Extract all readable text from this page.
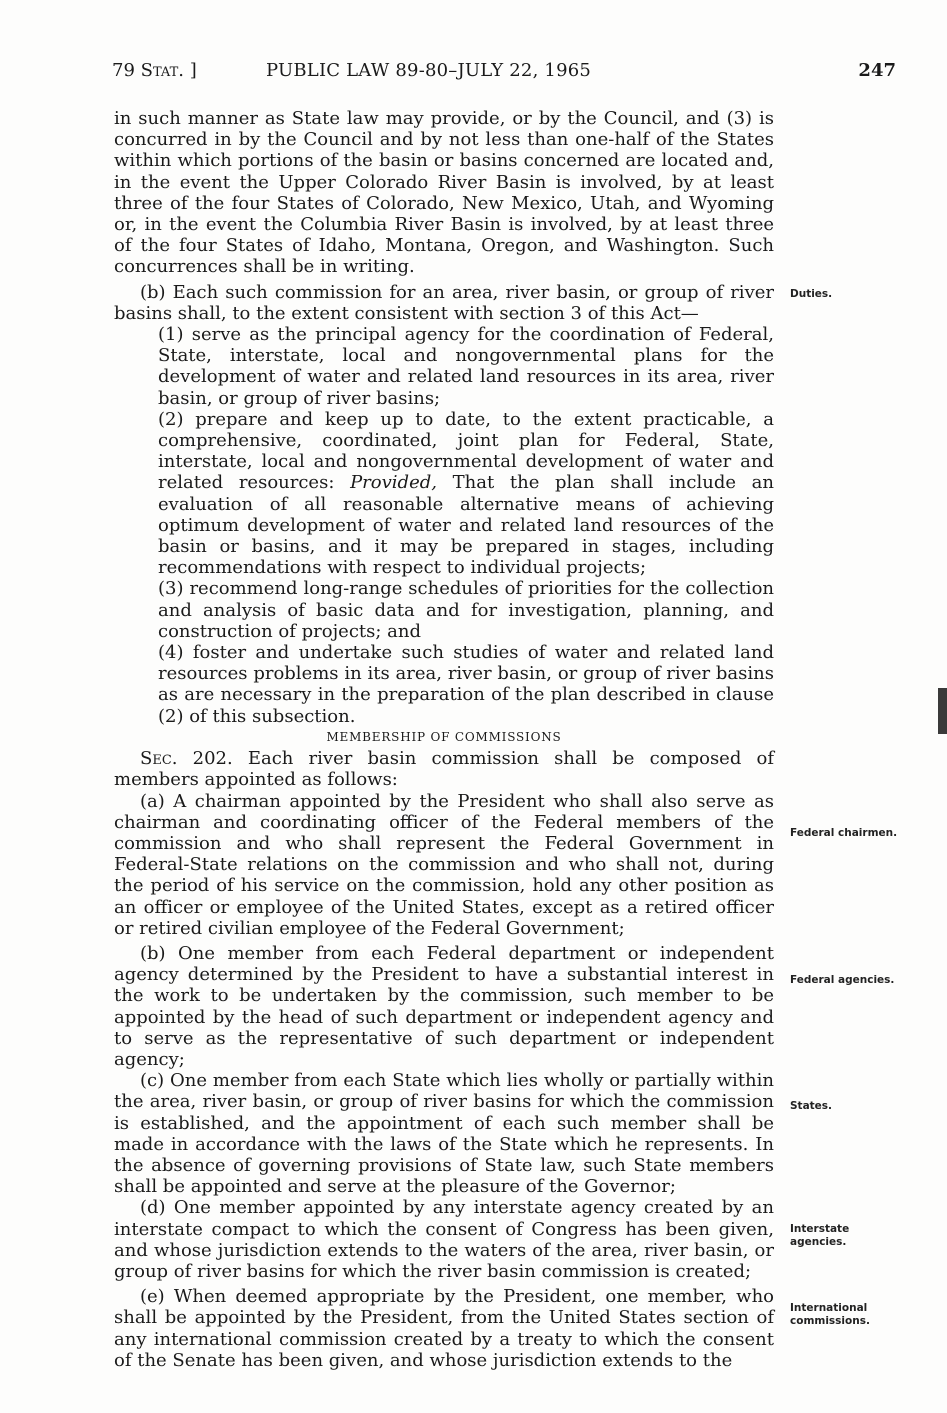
79 Stat. ]	PUBLIC LAW 89-80–JULY 22, 1965	247

in such manner as State law may provide, or by the Council, and (3) is concurred in by the Council and by not less than one-half of the States within which portions of the basin or basins concerned are located and, in the event the Upper Colorado River Basin is involved, by at least three of the four States of Colorado, New Mexico, Utah, and Wyoming or, in the event the Columbia River Basin is involved, by at least three of the four States of Idaho, Montana, Oregon, and Washington. Such concurrences shall be in writing.

(b) Each such commission for an area, river basin, or group of river basins shall, to the extent consistent with section 3 of this Act—

(1) serve as the principal agency for the coordination of Federal, State, interstate, local and nongovernmental plans for the development of water and related land resources in its area, river basin, or group of river basins;

(2) prepare and keep up to date, to the extent practicable, a comprehensive, coordinated, joint plan for Federal, State, interstate, local and nongovernmental development of water and related resources: Provided, That the plan shall include an evaluation of all reasonable alternative means of achieving optimum development of water and related land resources of the basin or basins, and it may be prepared in stages, including recommendations with respect to individual projects;

(3) recommend long-range schedules of priorities for the collection and analysis of basic data and for investigation, planning, and construction of projects; and

(4) foster and undertake such studies of water and related land resources problems in its area, river basin, or group of river basins as are necessary in the preparation of the plan described in clause (2) of this subsection.

MEMBERSHIP OF COMMISSIONS

Sec. 202. Each river basin commission shall be composed of members appointed as follows:

(a) A chairman appointed by the President who shall also serve as chairman and coordinating officer of the Federal members of the commission and who shall represent the Federal Government in Federal-State relations on the commission and who shall not, during the period of his service on the commission, hold any other position as an officer or employee of the United States, except as a retired officer or retired civilian employee of the Federal Government;

(b) One member from each Federal department or independent agency determined by the President to have a substantial interest in the work to be undertaken by the commission, such member to be appointed by the head of such department or independent agency and to serve as the representative of such department or independent agency;

(c) One member from each State which lies wholly or partially within the area, river basin, or group of river basins for which the commission is established, and the appointment of each such member shall be made in accordance with the laws of the State which he represents. In the absence of governing provisions of State law, such State members shall be appointed and serve at the pleasure of the Governor;

(d) One member appointed by any interstate agency created by an interstate compact to which the consent of Congress has been given, and whose jurisdiction extends to the waters of the area, river basin, or group of river basins for which the river basin commission is created;

(e) When deemed appropriate by the President, one member, who shall be appointed by the President, from the United States section of any international commission created by a treaty to which the consent of the Senate has been given, and whose jurisdiction extends to the

Duties.
Federal chairmen.
Federal agencies.
States.
Interstate agencies.
International commissions.
